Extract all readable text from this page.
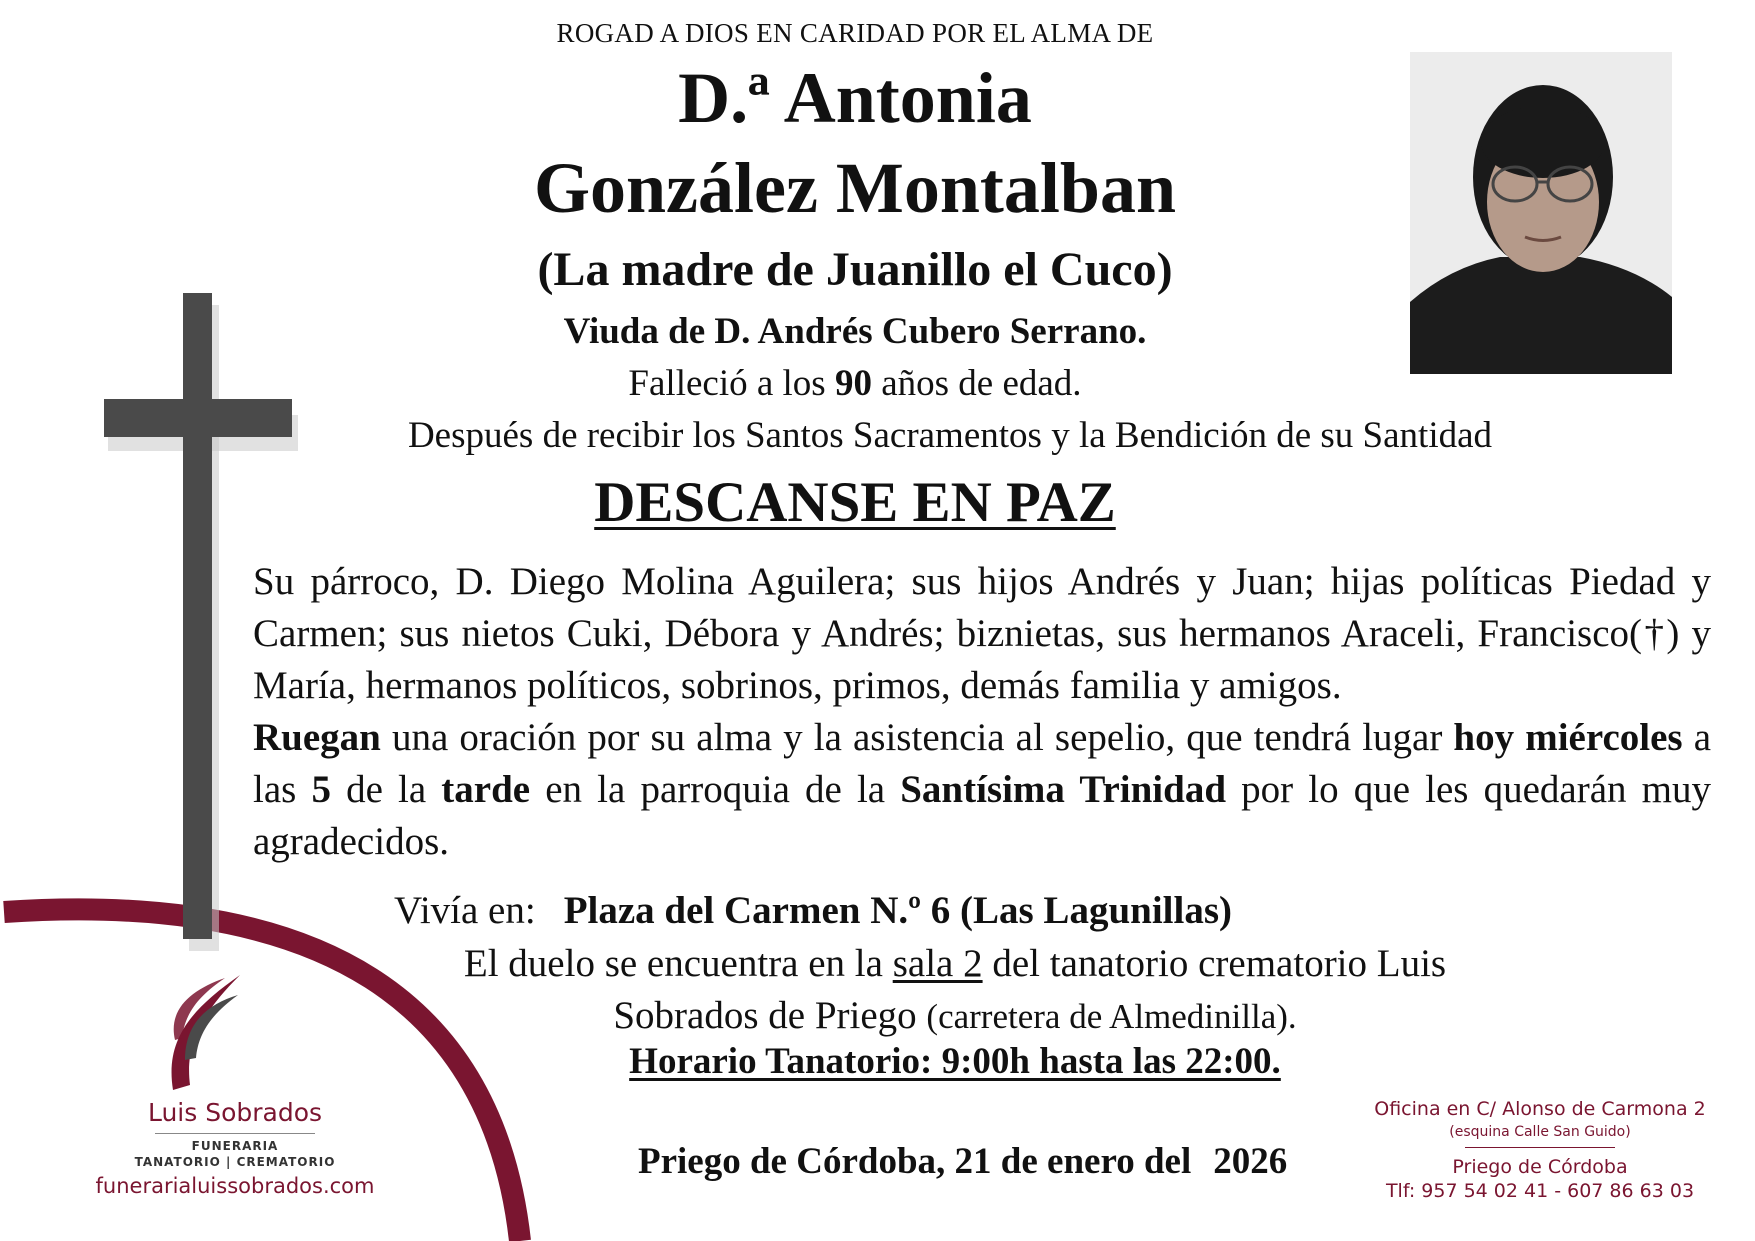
ROGAD A DIOS EN CARIDAD POR EL ALMA DE
D.ª Antonia
González Montalban
(La madre de Juanillo el Cuco)
Viuda de D. Andrés Cubero Serrano.
Falleció a los 90 años de edad.
Después de recibir los Santos Sacramentos y la Bendición de su Santidad
DESCANSE EN PAZ

Su párroco, D. Diego Molina Aguilera; sus hijos Andrés y Juan; hijas políticas Piedad y Carmen; sus nietos Cuki, Débora y Andrés; biznietas, sus hermanos Araceli, Francisco(†) y María, hermanos políticos, sobrinos, primos, demás familia y amigos.

Ruegan una oración por su alma y la asistencia al sepelio, que tendrá lugar hoy miércoles a las 5 de la tarde en la parroquia de la Santísima Trinidad por lo que les quedarán muy agradecidos.

Vivía en: Plaza del Carmen N.º 6 (Las Lagunillas)
El duelo se encuentra en la sala 2 del tanatorio crematorio Luis
Sobrados de Priego (carretera de Almedinilla).
Horario Tanatorio: 9:00h hasta las 22:00.
Priego de Córdoba, 21 de enero del 2026
Luis Sobrados
FUNERARIA
TANATORIO | CREMATORIO
funerarialuissobrados.com
Oficina en C/ Alonso de Carmona 2
(esquina Calle San Guido)
Priego de Córdoba
Tlf: 957 54 02 41 - 607 86 63 03
